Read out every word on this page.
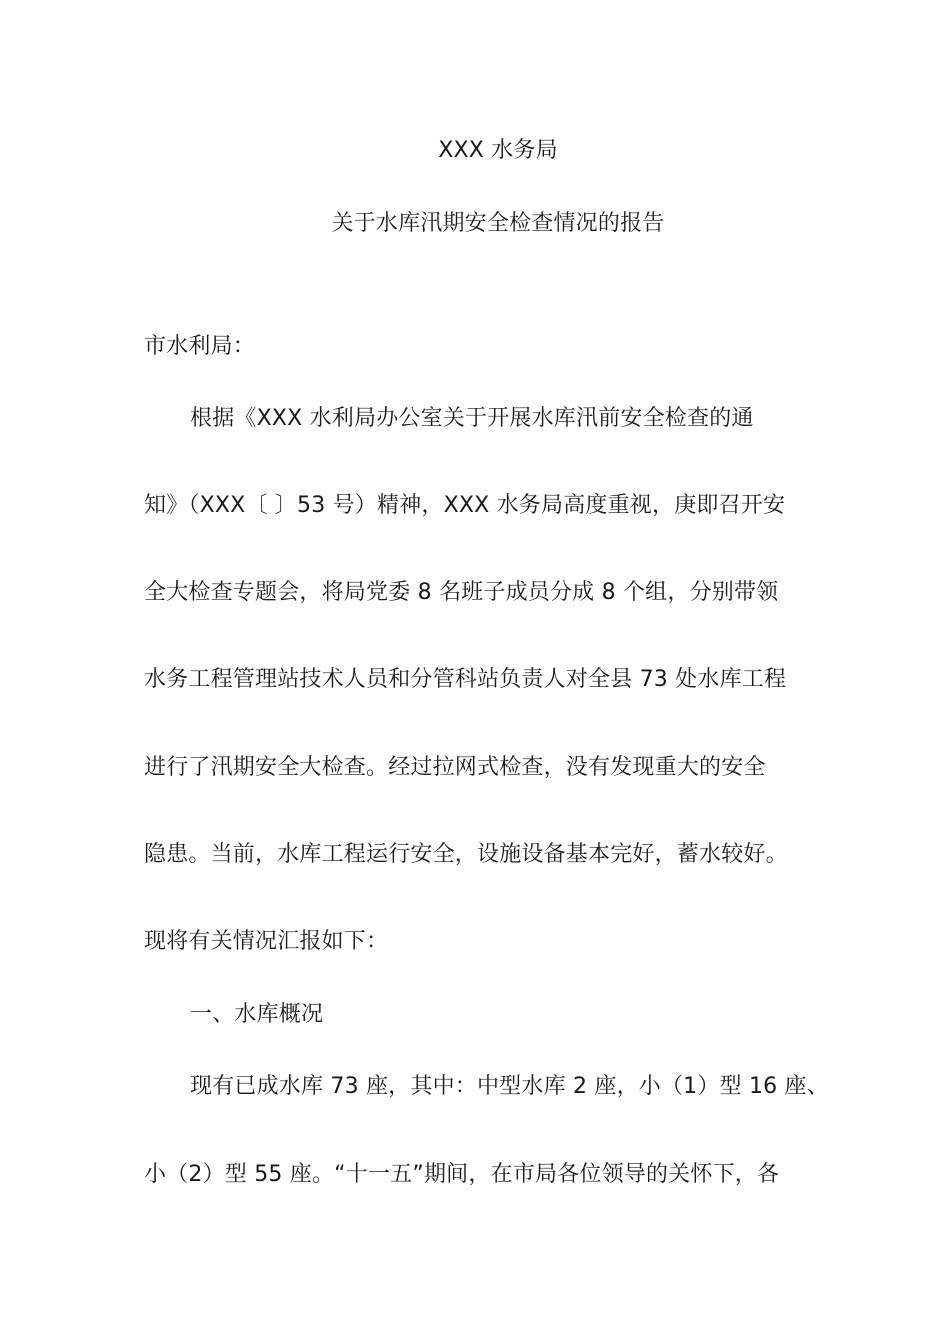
XXX 水务局
关于水库汛期安全检查情况的报告
市水利局：
根据《XXX 水利局办公室关于开展水库汛前安全检查的通
知》（XXX〔 〕53 号）精神，XXX 水务局高度重视，庚即召开安
全大检查专题会，将局党委 8 名班子成员分成 8 个组，分别带领
水务工程管理站技术人员和分管科站负责人对全县 73 处水库工程
进行了汛期安全大检查。经过拉网式检查，没有发现重大的安全
隐患。当前，水库工程运行安全，设施设备基本完好，蓄水较好。
现将有关情况汇报如下：
一、水库概况
现有已成水库 73 座，其中：中型水库 2 座，小（1）型 16 座、
小（2）型 55 座。“十一五”期间，在市局各位领导的关怀下，各
